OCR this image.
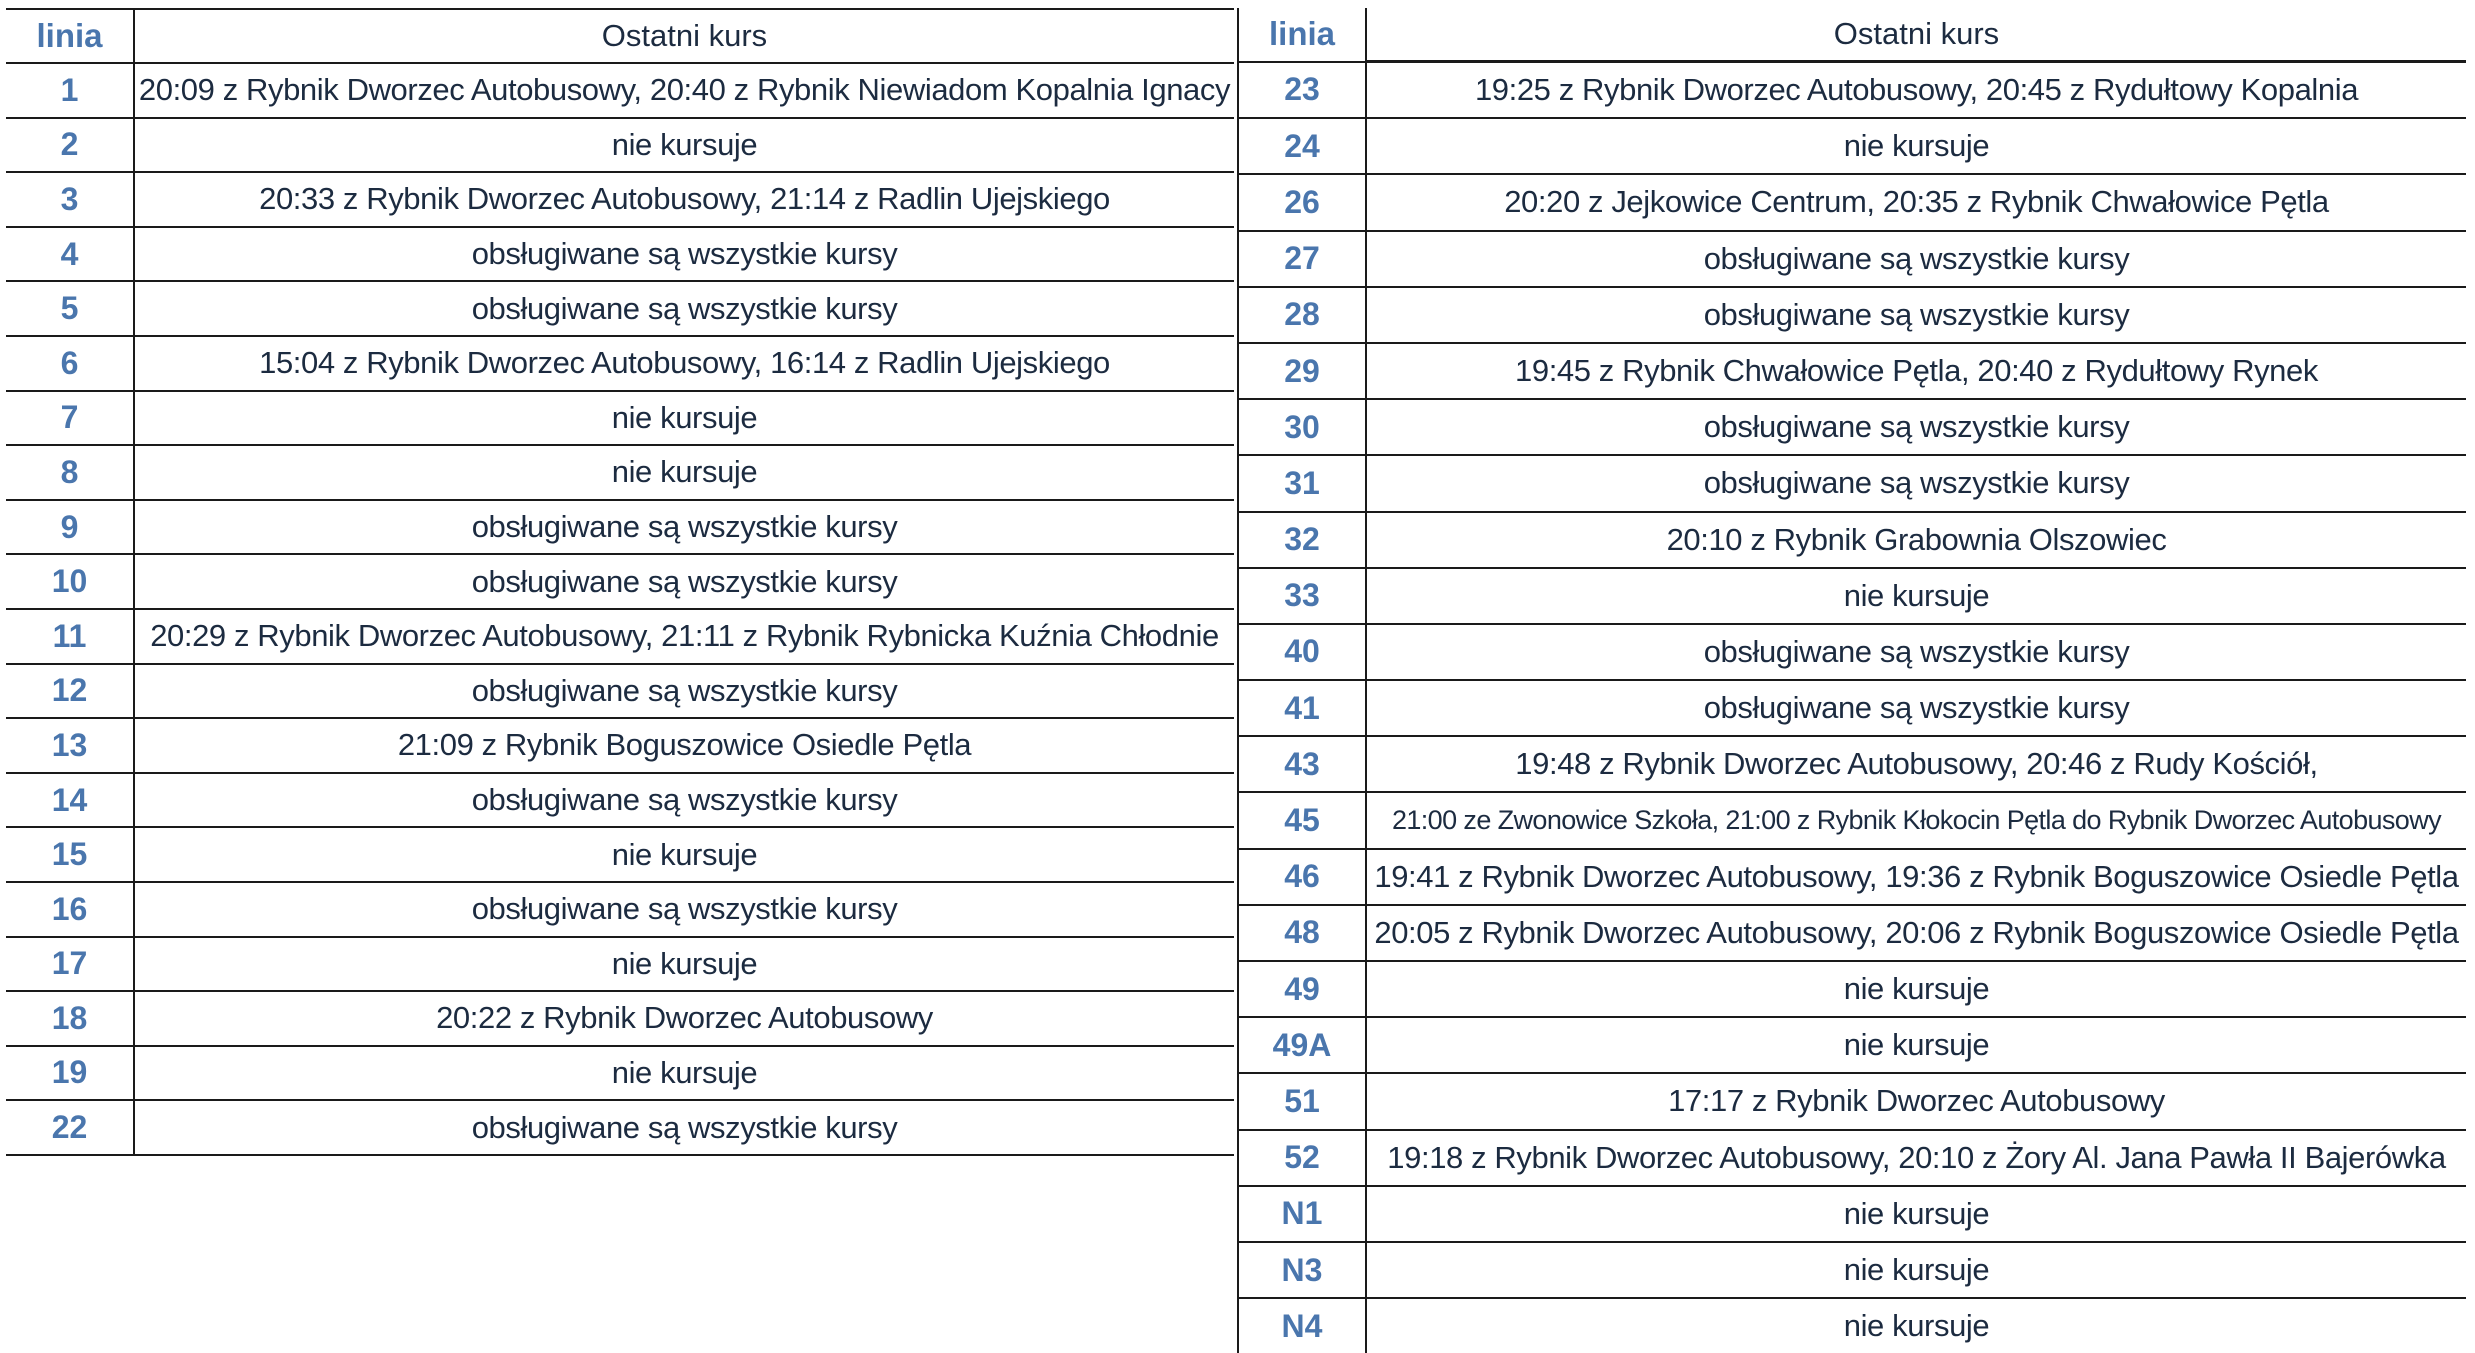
linia	Ostatni kurs
1	20:09 z Rybnik Dworzec Autobusowy, 20:40 z Rybnik Niewiadom Kopalnia Ignacy
2	nie kursuje
3	20:33 z Rybnik Dworzec Autobusowy, 21:14 z Radlin Ujejskiego
4	obsługiwane są wszystkie kursy
5	obsługiwane są wszystkie kursy
6	15:04 z Rybnik Dworzec Autobusowy, 16:14 z Radlin Ujejskiego
7	nie kursuje
8	nie kursuje
9	obsługiwane są wszystkie kursy
10	obsługiwane są wszystkie kursy
11	20:29 z Rybnik Dworzec Autobusowy, 21:11 z Rybnik Rybnicka Kuźnia Chłodnie
12	obsługiwane są wszystkie kursy
13	21:09 z Rybnik Boguszowice Osiedle Pętla
14	obsługiwane są wszystkie kursy
15	nie kursuje
16	obsługiwane są wszystkie kursy
17	nie kursuje
18	20:22 z Rybnik Dworzec Autobusowy
19	nie kursuje
22	obsługiwane są wszystkie kursy
linia	Ostatni kurs
23	19:25 z Rybnik Dworzec Autobusowy, 20:45 z Rydułtowy Kopalnia
24	nie kursuje
26	20:20 z Jejkowice Centrum, 20:35 z Rybnik Chwałowice Pętla
27	obsługiwane są wszystkie kursy
28	obsługiwane są wszystkie kursy
29	19:45 z Rybnik Chwałowice Pętla, 20:40 z Rydułtowy Rynek
30	obsługiwane są wszystkie kursy
31	obsługiwane są wszystkie kursy
32	20:10 z Rybnik Grabownia Olszowiec
33	nie kursuje
40	obsługiwane są wszystkie kursy
41	obsługiwane są wszystkie kursy
43	19:48 z Rybnik Dworzec Autobusowy, 20:46 z Rudy Kościół,
45	21:00 ze Zwonowice Szkoła, 21:00 z Rybnik Kłokocin Pętla do Rybnik Dworzec Autobusowy
46	19:41 z Rybnik Dworzec Autobusowy, 19:36 z Rybnik Boguszowice Osiedle Pętla
48	20:05 z Rybnik Dworzec Autobusowy, 20:06 z Rybnik Boguszowice Osiedle Pętla
49	nie kursuje
49A	nie kursuje
51	17:17 z Rybnik Dworzec Autobusowy
52	19:18 z Rybnik Dworzec Autobusowy, 20:10 z Żory Al. Jana Pawła II Bajerówka
N1	nie kursuje
N3	nie kursuje
N4	nie kursuje
